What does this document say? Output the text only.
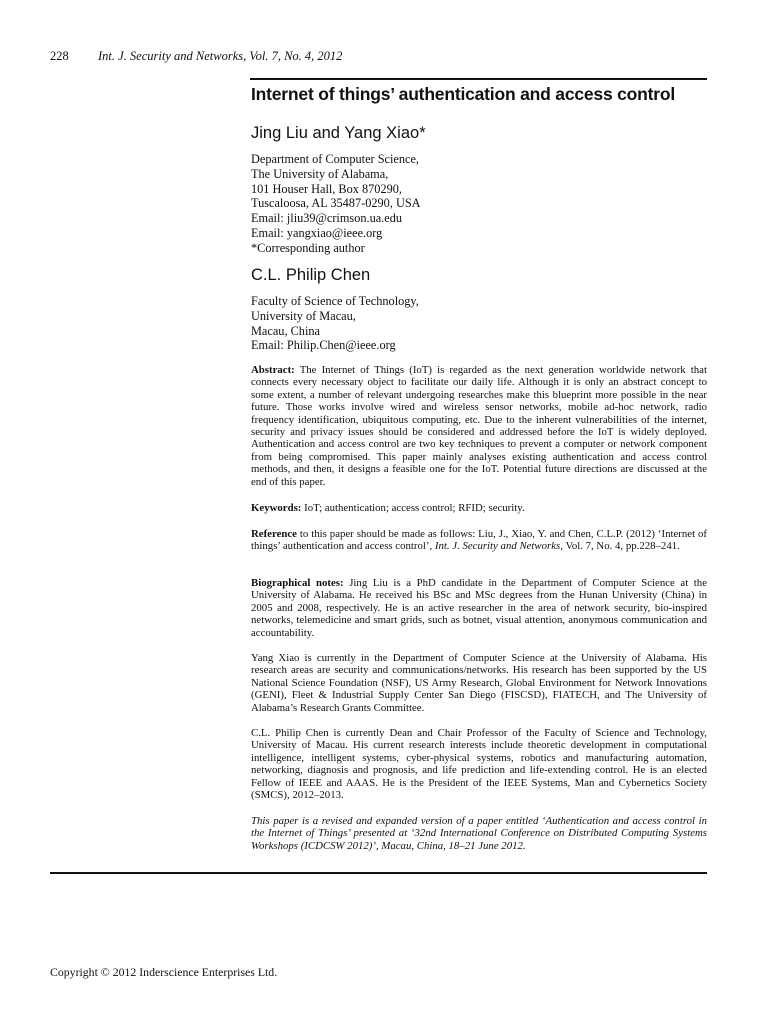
228 Int. J. Security and Networks, Vol. 7, No. 4, 2012
Internet of things’ authentication and access control
Jing Liu and Yang Xiao*
Department of Computer Science,
The University of Alabama,
101 Houser Hall, Box 870290,
Tuscaloosa, AL 35487-0290, USA
Email: jliu39@crimson.ua.edu
Email: yangxiao@ieee.org
*Corresponding author
C.L. Philip Chen
Faculty of Science of Technology,
University of Macau,
Macau, China
Email: Philip.Chen@ieee.org
Abstract: The Internet of Things (IoT) is regarded as the next generation worldwide network that connects every necessary object to facilitate our daily life. Although it is only an abstract concept to some extent, a number of relevant undergoing researches make this blueprint more possible in the near future. Those works involve wired and wireless sensor networks, mobile ad-hoc network, radio frequency identification, ubiquitous computing, etc. Due to the inherent vulnerabilities of the internet, security and privacy issues should be considered and addressed before the IoT is widely deployed. Authentication and access control are two key techniques to prevent a computer or network component from being compromised. This paper mainly analyses existing authentication and access control methods, and then, it designs a feasible one for the IoT. Potential future directions are discussed at the end of this paper.
Keywords: IoT; authentication; access control; RFID; security.
Reference to this paper should be made as follows: Liu, J., Xiao, Y. and Chen, C.L.P. (2012) ‘Internet of things’ authentication and access control’, Int. J. Security and Networks, Vol. 7, No. 4, pp.228–241.
Biographical notes: Jing Liu is a PhD candidate in the Department of Computer Science at the University of Alabama. He received his BSc and MSc degrees from the Hunan University (China) in 2005 and 2008, respectively. He is an active researcher in the area of network security, bio-inspired networks, telemedicine and smart grids, such as botnet, visual attention, anonymous communication and accountability.
Yang Xiao is currently in the Department of Computer Science at the University of Alabama. His research areas are security and communications/networks. His research has been supported by the US National Science Foundation (NSF), US Army Research, Global Environment for Network Innovations (GENI), Fleet & Industrial Supply Center San Diego (FISCSD), FIATECH, and The University of Alabama’s Research Grants Committee.
C.L. Philip Chen is currently Dean and Chair Professor of the Faculty of Science and Technology, University of Macau. His current research interests include theoretic development in computational intelligence, intelligent systems, cyber-physical systems, robotics and manufacturing automation, networking, diagnosis and prognosis, and life prediction and life-extending control. He is an elected Fellow of IEEE and AAAS. He is the President of the IEEE Systems, Man and Cybernetics Society (SMCS), 2012–2013.
This paper is a revised and expanded version of a paper entitled ‘Authentication and access control in the Internet of Things’ presented at ‘32nd International Conference on Distributed Computing Systems Workshops (ICDCSW 2012)’, Macau, China, 18–21 June 2012.
Copyright © 2012 Inderscience Enterprises Ltd.
